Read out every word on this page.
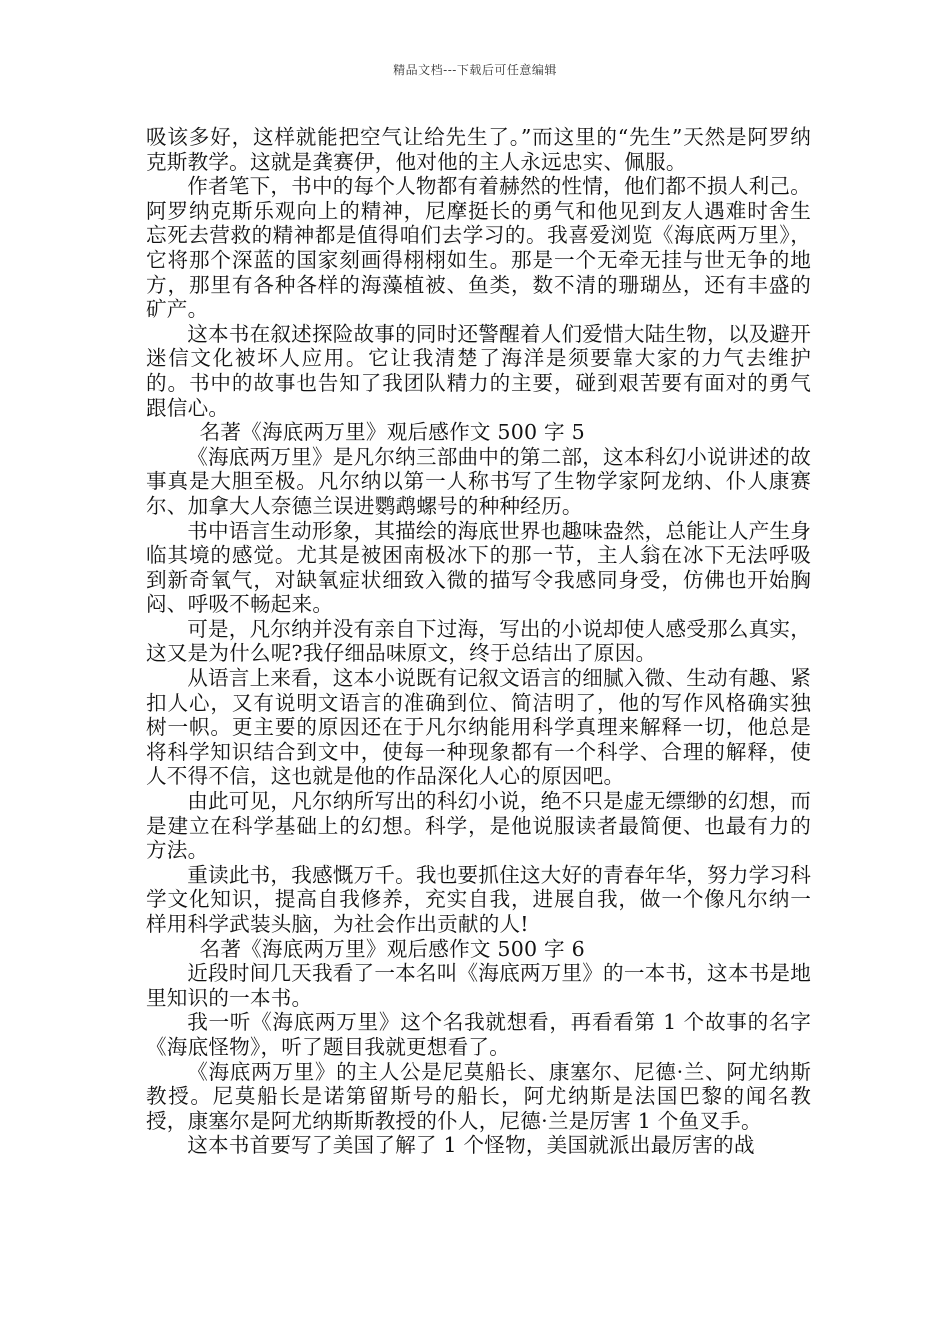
精品文档---下载后可任意编辑

吸该多好，这样就能把空气让给先生了。”而这里的“先生”天然是阿罗纳克斯教学。这就是龚赛伊，他对他的主人永远忠实、佩服。

作者笔下，书中的每个人物都有着赫然的性情，他们都不损人利己。阿罗纳克斯乐观向上的精神，尼摩挺长的勇气和他见到友人遇难时舍生忘死去营救的精神都是值得咱们去学习的。我喜爱浏览《海底两万里》，它将那个深蓝的国家刻画得栩栩如生。那是一个无牵无挂与世无争的地方，那里有各种各样的海藻植被、鱼类，数不清的珊瑚丛，还有丰盛的矿产。

这本书在叙述探险故事的同时还警醒着人们爱惜大陆生物，以及避开迷信文化被坏人应用。它让我清楚了海洋是须要靠大家的力气去维护的。书中的故事也告知了我团队精力的主要，碰到艰苦要有面对的勇气跟信心。

名著《海底两万里》观后感作文 500 字 5

《海底两万里》是凡尔纳三部曲中的第二部，这本科幻小说讲述的故事真是大胆至极。凡尔纳以第一人称书写了生物学家阿龙纳、仆人康赛尔、加拿大人奈德兰误进鹦鹉螺号的种种经历。

书中语言生动形象，其描绘的海底世界也趣味盎然，总能让人产生身临其境的感觉。尤其是被困南极冰下的那一节，主人翁在冰下无法呼吸到新奇氧气，对缺氧症状细致入微的描写令我感同身受，仿佛也开始胸闷、呼吸不畅起来。

可是，凡尔纳并没有亲自下过海，写出的小说却使人感受那么真实，这又是为什么呢?我仔细品味原文，终于总结出了原因。

从语言上来看，这本小说既有记叙文语言的细腻入微、生动有趣、紧扣人心，又有说明文语言的准确到位、简洁明了，他的写作风格确实独树一帜。更主要的原因还在于凡尔纳能用科学真理来解释一切，他总是将科学知识结合到文中，使每一种现象都有一个科学、合理的解释，使人不得不信，这也就是他的作品深化人心的原因吧。

由此可见，凡尔纳所写出的科幻小说，绝不只是虚无缥缈的幻想，而是建立在科学基础上的幻想。科学，是他说服读者最简便、也最有力的方法。

重读此书，我感慨万千。我也要抓住这大好的青春年华，努力学习科学文化知识，提高自我修养，充实自我，进展自我，做一个像凡尔纳一样用科学武装头脑，为社会作出贡献的人!

名著《海底两万里》观后感作文 500 字 6

近段时间几天我看了一本名叫《海底两万里》的一本书，这本书是地里知识的一本书。

我一听《海底两万里》这个名我就想看，再看看第 1 个故事的名字《海底怪物》，听了题目我就更想看了。

《海底两万里》的主人公是尼莫船长、康塞尔、尼德·兰、阿尤纳斯教授。尼莫船长是诺第留斯号的船长，阿尤纳斯是法国巴黎的闻名教授，康塞尔是阿尤纳斯斯教授的仆人，尼德·兰是厉害 1 个鱼叉手。

这本书首要写了美国了解了 1 个怪物，美国就派出最厉害的战
